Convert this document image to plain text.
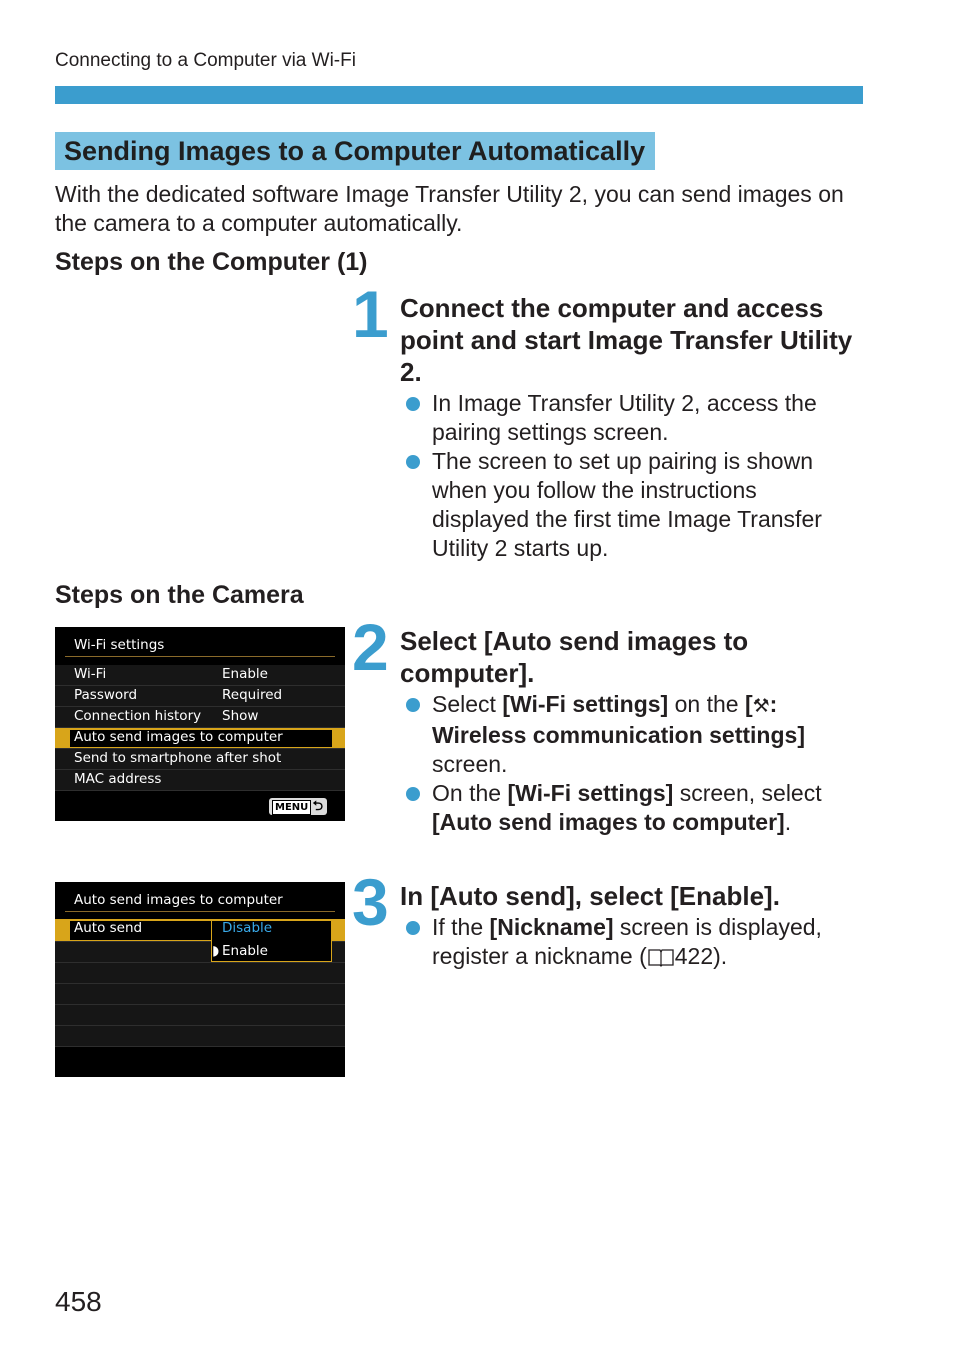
Connecting to a Computer via Wi-Fi
Sending Images to a Computer Automatically
With the dedicated software Image Transfer Utility 2, you can send images on the camera to a computer automatically.
Steps on the Computer (1)
1 Connect the computer and access point and start Image Transfer Utility 2.
In Image Transfer Utility 2, access the pairing settings screen.
The screen to set up pairing is shown when you follow the instructions displayed the first time Image Transfer Utility 2 starts up.
Steps on the Camera
Wi-Fi settings
Wi-Fi	Enable
Password	Required
Connection history Show
Auto send images to computer
Send to smartphone after shot
MAC address
MENU ⮌
2 Select [Auto send images to computer].
Select [Wi-Fi settings] on the [⚒︎: Wireless communication settings] screen.
On the [Wi-Fi settings] screen, select [Auto send images to computer].
Auto send images to computer
Auto send	Disable
◗ Enable
3 In [Auto send], select [Enable].
If the [Nickname] screen is displayed, register a nickname ( 422).
458
